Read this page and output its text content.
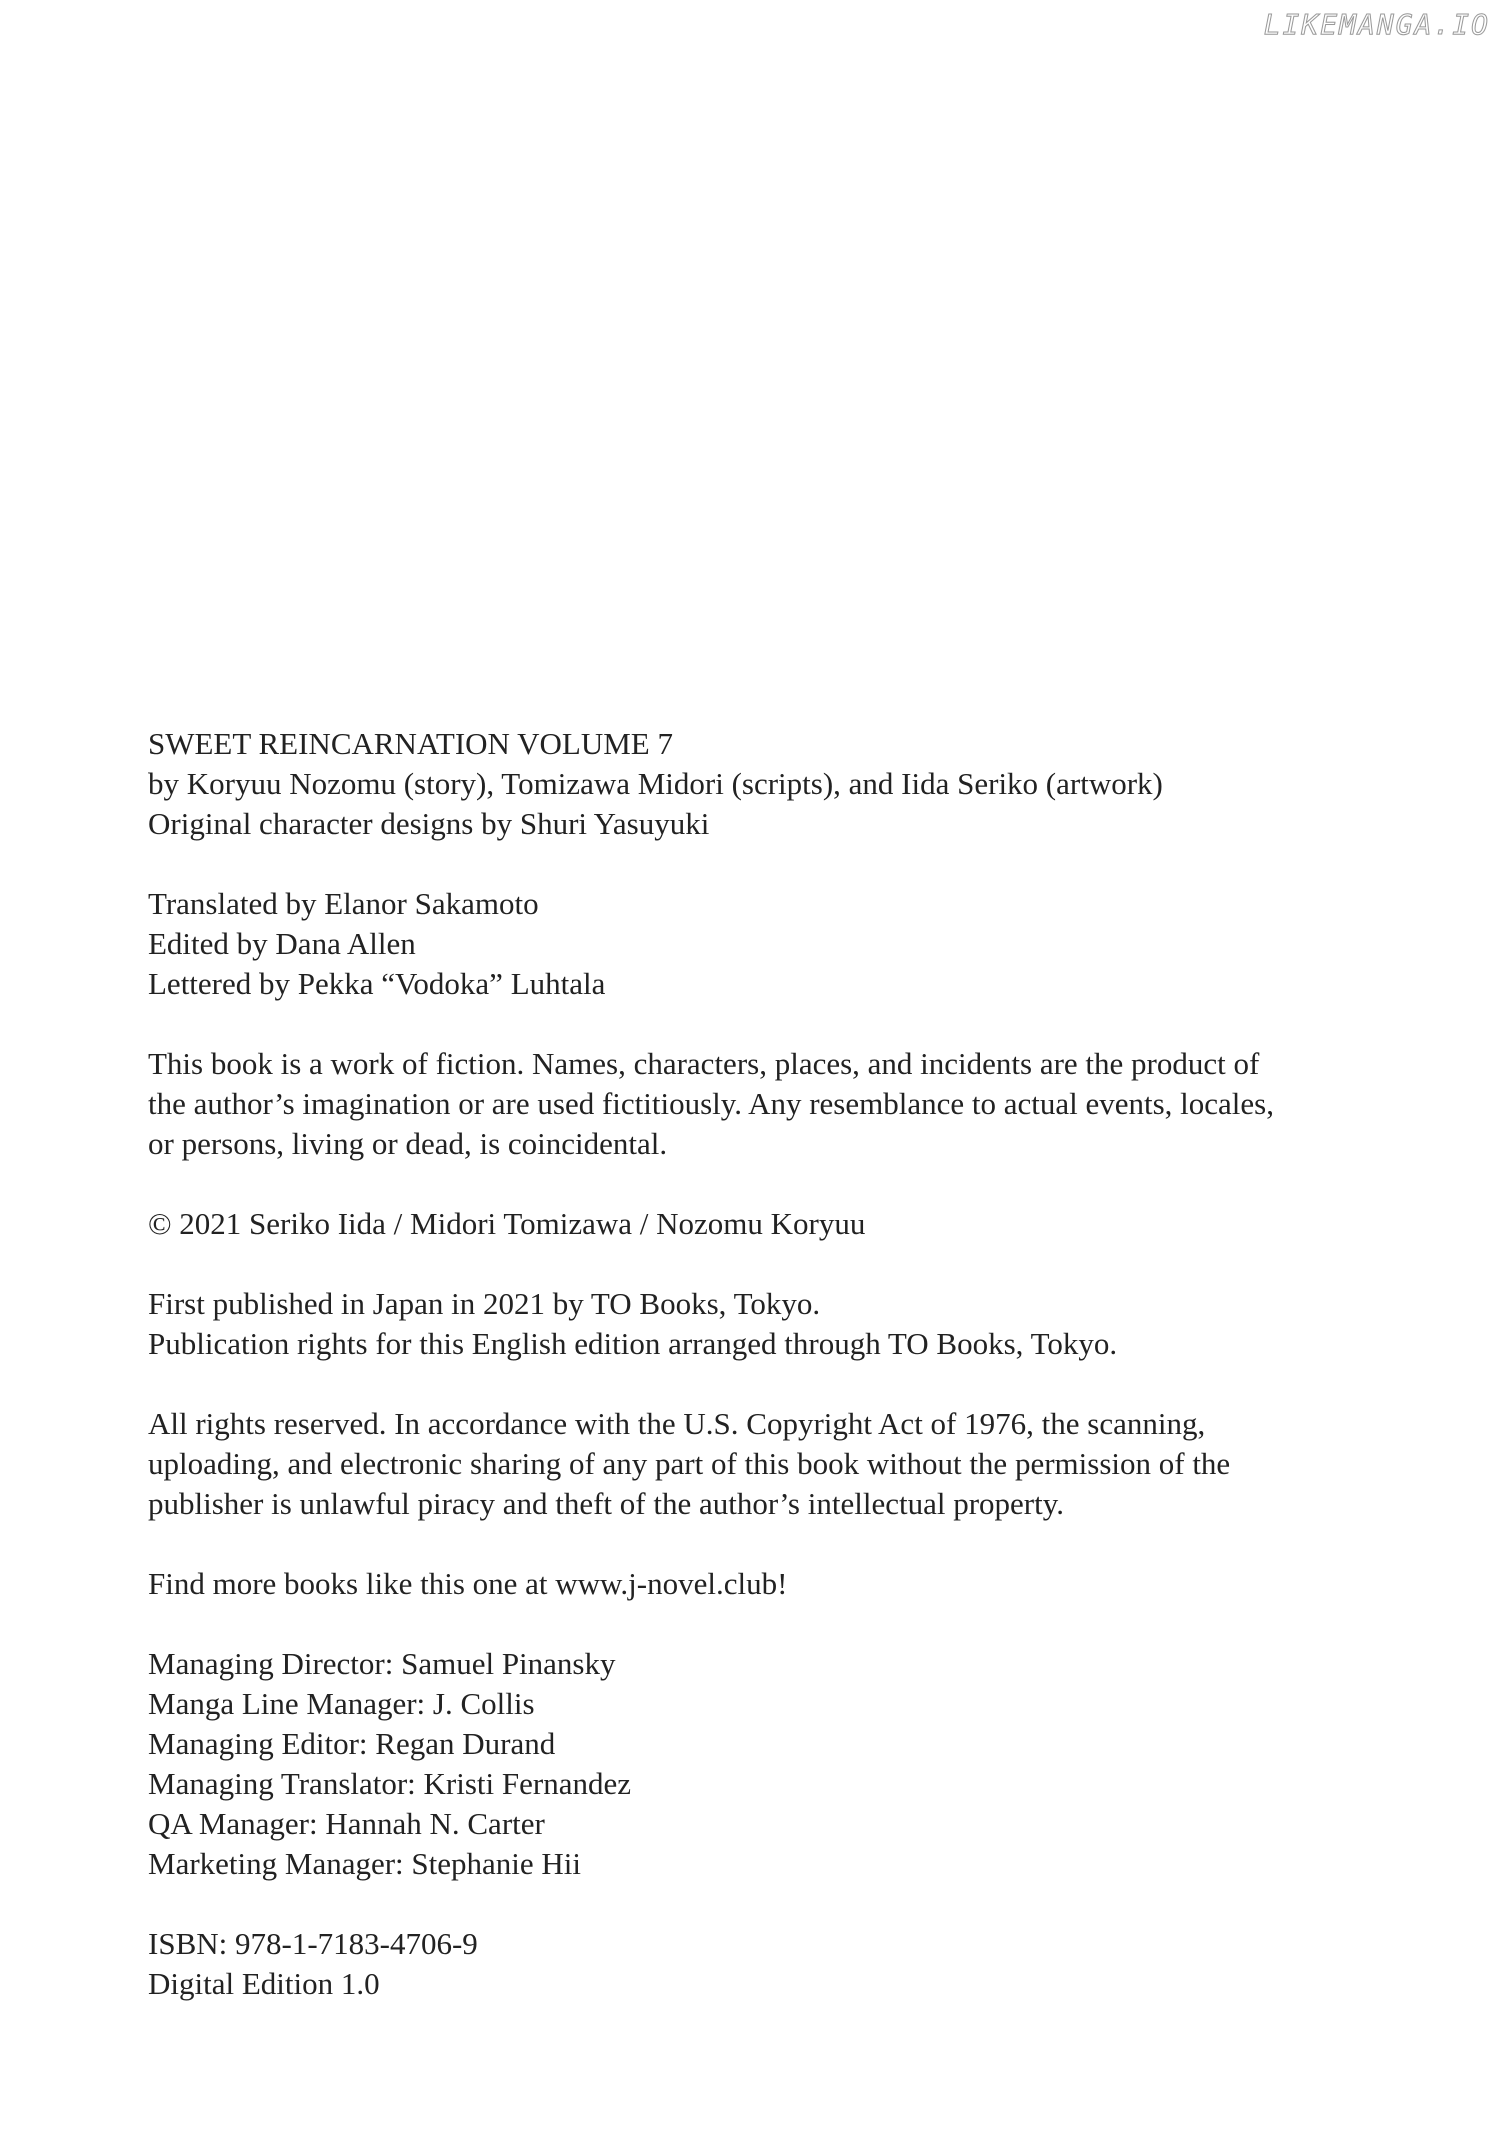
LIKEMANGA.IO
SWEET REINCARNATION VOLUME 7
by Koryuu Nozomu (story), Tomizawa Midori (scripts), and Iida Seriko (artwork)
Original character designs by Shuri Yasuyuki
Translated by Elanor Sakamoto
Edited by Dana Allen
Lettered by Pekka “Vodoka” Luhtala
This book is a work of fiction. Names, characters, places, and incidents are the product of
the author’s imagination or are used fictitiously. Any resemblance to actual events, locales,
or persons, living or dead, is coincidental.
© 2021 Seriko Iida / Midori Tomizawa / Nozomu Koryuu
First published in Japan in 2021 by TO Books, Tokyo.
Publication rights for this English edition arranged through TO Books, Tokyo.
All rights reserved. In accordance with the U.S. Copyright Act of 1976, the scanning,
uploading, and electronic sharing of any part of this book without the permission of the
publisher is unlawful piracy and theft of the author’s intellectual property.
Find more books like this one at www.j-novel.club!
Managing Director: Samuel Pinansky
Manga Line Manager: J. Collis
Managing Editor: Regan Durand
Managing Translator: Kristi Fernandez
QA Manager: Hannah N. Carter
Marketing Manager: Stephanie Hii
ISBN: 978-1-7183-4706-9
Digital Edition 1.0
